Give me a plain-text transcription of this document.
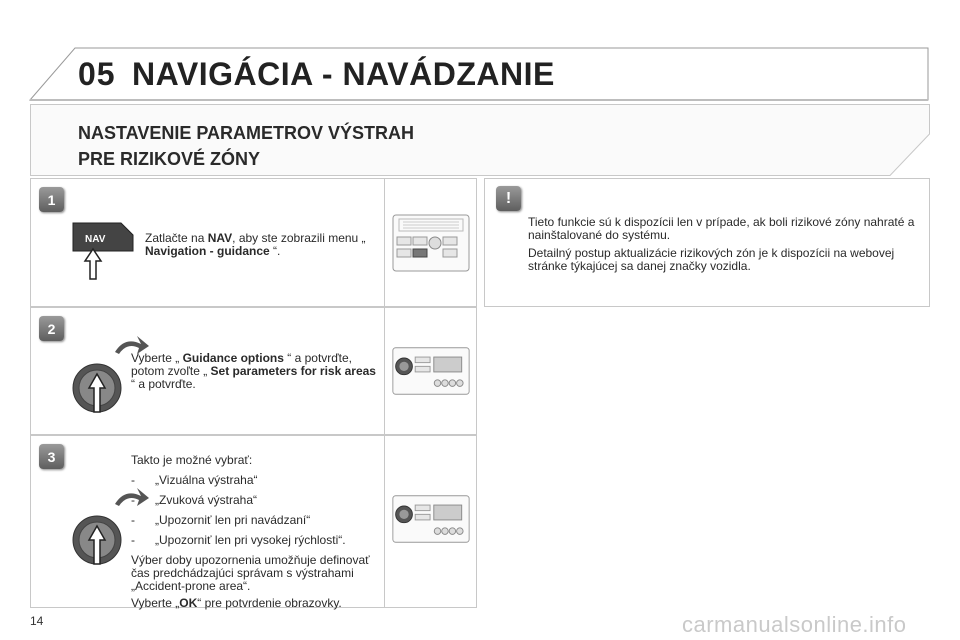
05 NAVIGÁCIA - NAVÁDZANIE
NASTAVENIE PARAMETROV VÝSTRAH
PRE RIZIKOVÉ ZÓNY
1
NAV	Zatlačte na NAV, aby ste zobrazili menu „ Navigation - guidance “.
2
Vyberte „ Guidance options “ a potvrďte, potom zvoľte „ Set parameters for risk areas “ a potvrďte.
3	Takto je možné vybrať:

- „Vizuálna výstraha“
- „Zvuková výstraha“
- „Upozorniť len pri navádzaní“
- „Upozorniť len pri vysokej rýchlosti“.

Výber doby upozornenia umožňuje definovať čas predchádzajúci správam s výstrahami „Accident-prone area“.

Vyberte „OK“ pre potvrdenie obrazovky.

!

Tieto funkcie sú k dispozícii len v prípade, ak boli rizikové zóny nahraté a nainštalované do systému.

Detailný postup aktualizácie rizikových zón je k dispozícii na webovej stránke týkajúcej sa danej značky vozidla.

14	carmanualsonline.info
